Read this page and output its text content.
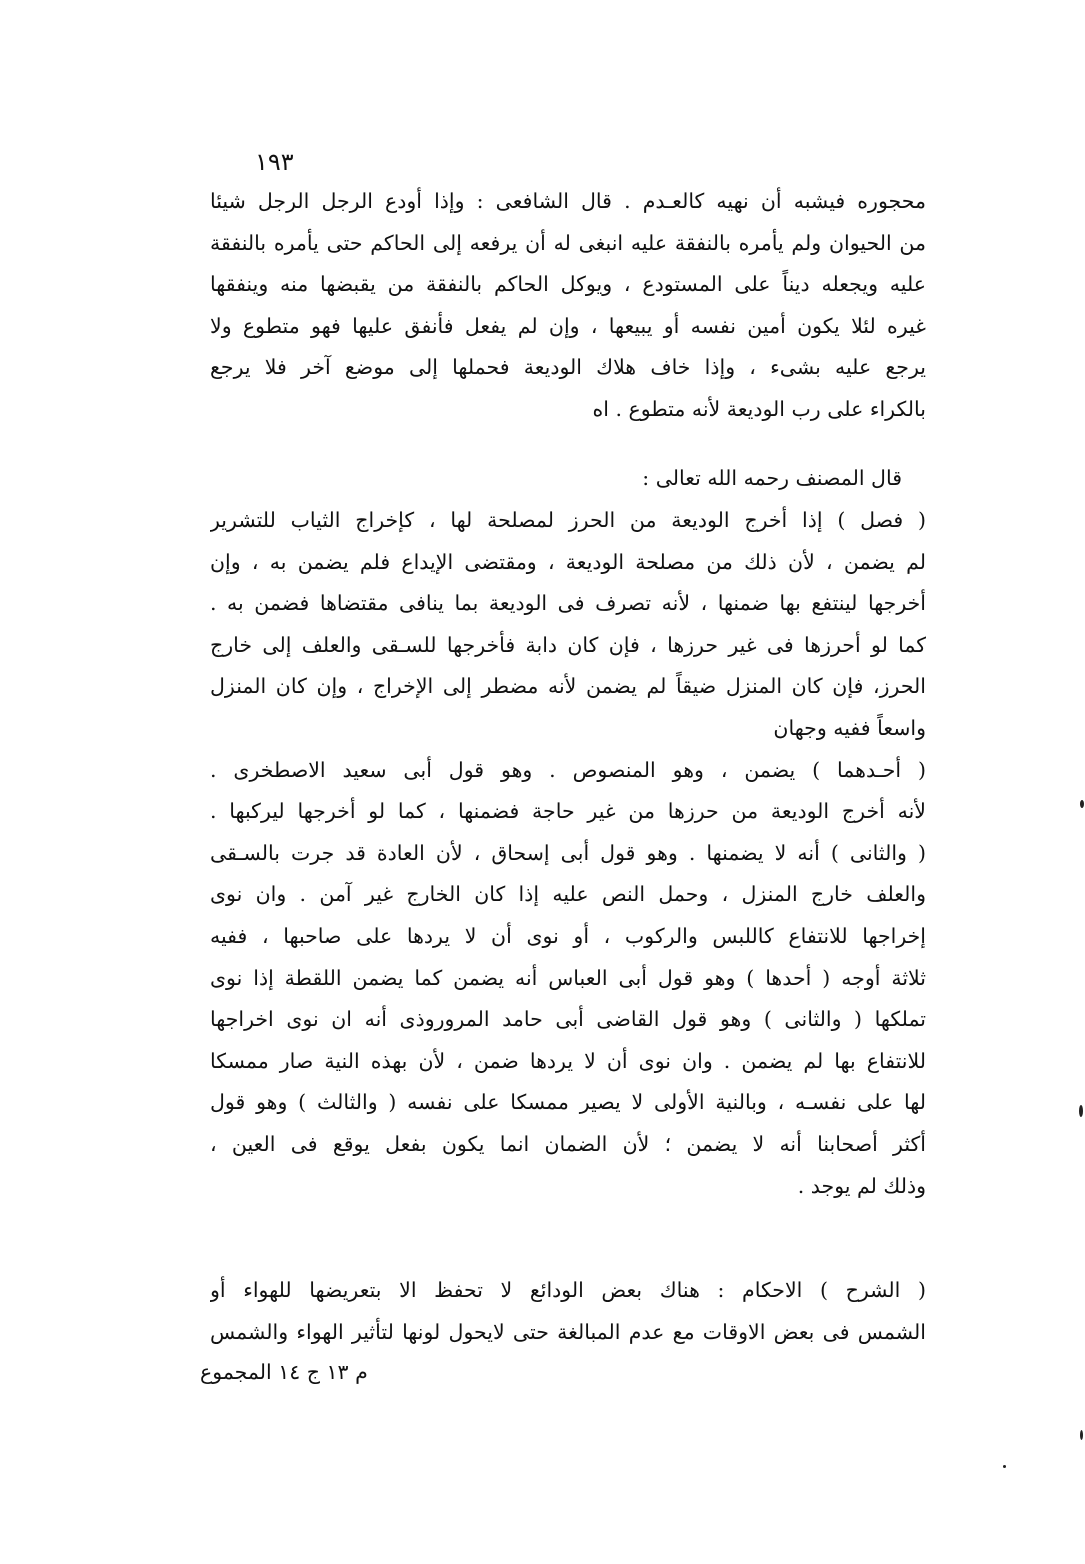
١٩٣
محجوره فيشبه أن نهيه كالعـدم . قال الشافعى : وإذا أودع الرجل الرجل شيئا
من الحيوان ولم يأمره بالنفقة عليه انبغى له أن يرفعه إلى الحاكم حتى يأمره بالنفقة
عليه ويجعله ديناً على المستودع ، ويوكل الحاكم بالنفقة من يقبضها منه وينفقها
غيره لئلا يكون أمين نفسه أو يبيعها ، وإن لم يفعل فأنفق عليها فهو متطوع ولا
يرجع عليه بشىء ، وإذا خاف هلاك الوديعة فحملها إلى موضع آخر فلا يرجع
بالكراء على رب الوديعة لأنه متطوع . اه
قال المصنف رحمه الله تعالى :
( فصل ) إذا أخرج الوديعة من الحرز لمصلحة لها ، كإخراج الثياب للتشرير
لم يضمن ، لأن ذلك من مصلحة الوديعة ، ومقتضى الإيداع فلم يضمن به ، وإن
أخرجها لينتفع بها ضمنها ، لأنه تصرف فى الوديعة بما ينافى مقتضاها فضمن به .
كما لو أحرزها فى غير حرزها ، فإن كان دابة فأخرجها للسـقى والعلف إلى خارج
الحرز، فإن كان المنزل ضيقاً لم يضمن لأنه مضطر إلى الإخراج ، وإن كان المنزل
واسعاً ففيه وجهان
( أحـدهما ) يضمن ، وهو المنصوص . وهو قول أبى سعيد الاصطخرى .
لأنه أخرج الوديعة من حرزها من غير حاجة فضمنها ، كما لو أخرجها ليركبها .
( والثانى ) أنه لا يضمنها . وهو قول أبى إسحاق ، لأن العادة قد جرت بالسـقى
والعلف خارج المنزل ، وحمل النص عليه إذا كان الخارج غير آمن . وان نوى
إخراجها للانتفاع كاللبس والركوب ، أو نوى أن لا يردها على صاحبها ، ففيه
ثلاثة أوجه ( أحدها ) وهو قول أبى العباس أنه يضمن كما يضمن اللقطة إذا نوى
تملكها ( والثانى ) وهو قول القاضى أبى حامد المروروذى أنه ان نوى اخراجها
للانتفاع بها لم يضمن . وان نوى أن لا يردها ضمن ، لأن بهذه النية صار ممسكا
لها على نفسـه ، وبالنية الأولى لا يصير ممسكا على نفسه ( والثالث ) وهو قول
أكثر أصحابنا أنه لا يضمن ؛ لأن الضمان انما يكون بفعل يوقع فى العين ،
وذلك لم يوجد .
( الشرح ) الاحكام : هناك بعض الودائع لا تحفظ الا بتعريضها للهواء أو
الشمس فى بعض الاوقات مع عدم المبالغة حتى لايحول لونها لتأثير الهواء والشمس
م ١٣ ج ١٤ المجموع
